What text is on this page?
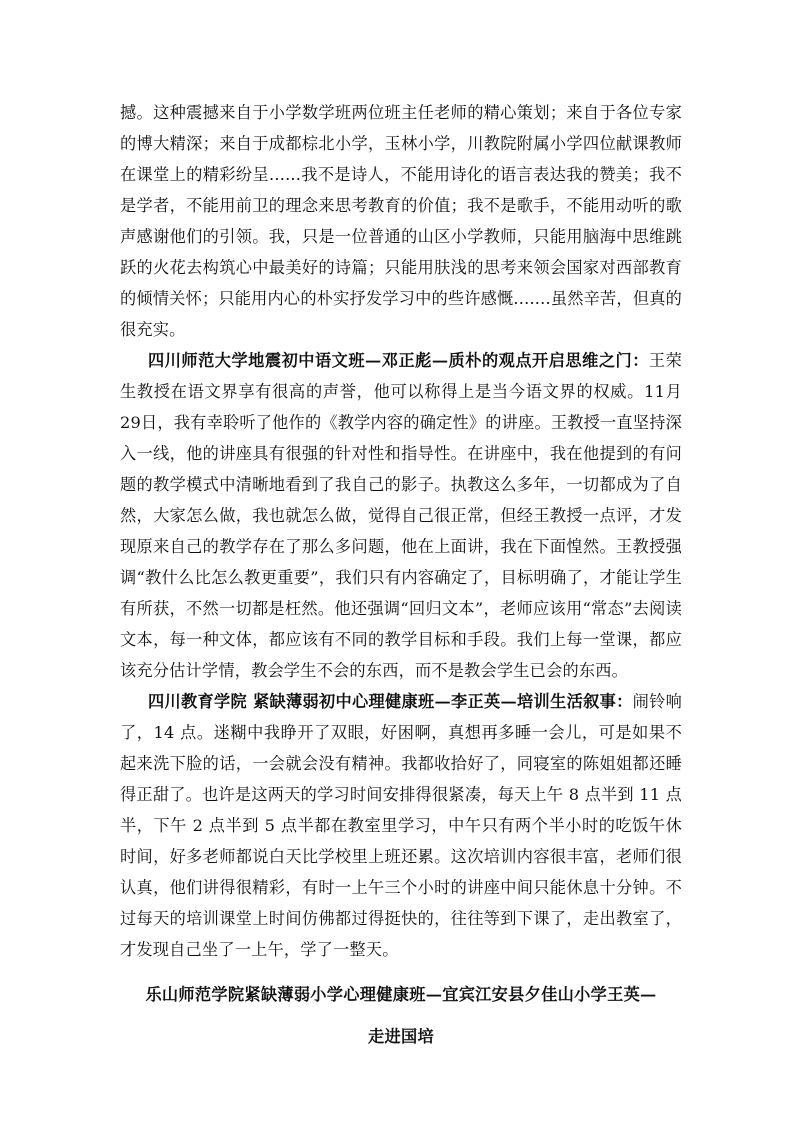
撼。这种震撼来自于小学数学班两位班主任老师的精心策划；来自于各位专家的博大精深；来自于成都棕北小学，玉林小学，川教院附属小学四位献课教师在课堂上的精彩纷呈......我不是诗人，不能用诗化的语言表达我的赞美；我不是学者，不能用前卫的理念来思考教育的价值；我不是歌手，不能用动听的歌声感谢他们的引领。我，只是一位普通的山区小学教师，只能用脑海中思维跳跃的火花去构筑心中最美好的诗篇；只能用肤浅的思考来领会国家对西部教育的倾情关怀；只能用内心的朴实抒发学习中的些许感慨.......虽然辛苦，但真的很充实。

四川师范大学地震初中语文班—邓正彪—质朴的观点开启思维之门：王荣生教授在语文界享有很高的声誉，他可以称得上是当今语文界的权威。11月29日，我有幸聆听了他作的《教学内容的确定性》的讲座。王教授一直坚持深入一线，他的讲座具有很强的针对性和指导性。在讲座中，我在他提到的有问题的教学模式中清晰地看到了我自己的影子。执教这么多年，一切都成为了自然，大家怎么做，我也就怎么做，觉得自己很正常，但经王教授一点评，才发现原来自己的教学存在了那么多问题，他在上面讲，我在下面惶然。王教授强调“教什么比怎么教更重要”，我们只有内容确定了，目标明确了，才能让学生有所获，不然一切都是枉然。他还强调“回归文本”，老师应该用“常态”去阅读文本，每一种文体，都应该有不同的教学目标和手段。我们上每一堂课，都应该充分估计学情，教会学生不会的东西，而不是教会学生已会的东西。

四川教育学院 紧缺薄弱初中心理健康班—李正英—培训生活叙事：闹铃响了，14 点。迷糊中我睁开了双眼，好困啊，真想再多睡一会儿，可是如果不起来洗下脸的话，一会就会没有精神。我都收拾好了，同寝室的陈姐姐都还睡得正甜了。也许是这两天的学习时间安排得很紧凑，每天上午 8 点半到 11 点半，下午 2 点半到 5 点半都在教室里学习，中午只有两个半小时的吃饭午休时间，好多老师都说白天比学校里上班还累。这次培训内容很丰富，老师们很认真，他们讲得很精彩，有时一上午三个小时的讲座中间只能休息十分钟。不过每天的培训课堂上时间仿佛都过得挺快的，往往等到下课了，走出教室了，才发现自己坐了一上午，学了一整天。

乐山师范学院紧缺薄弱小学心理健康班—宜宾江安县夕佳山小学王英—

走进国培
